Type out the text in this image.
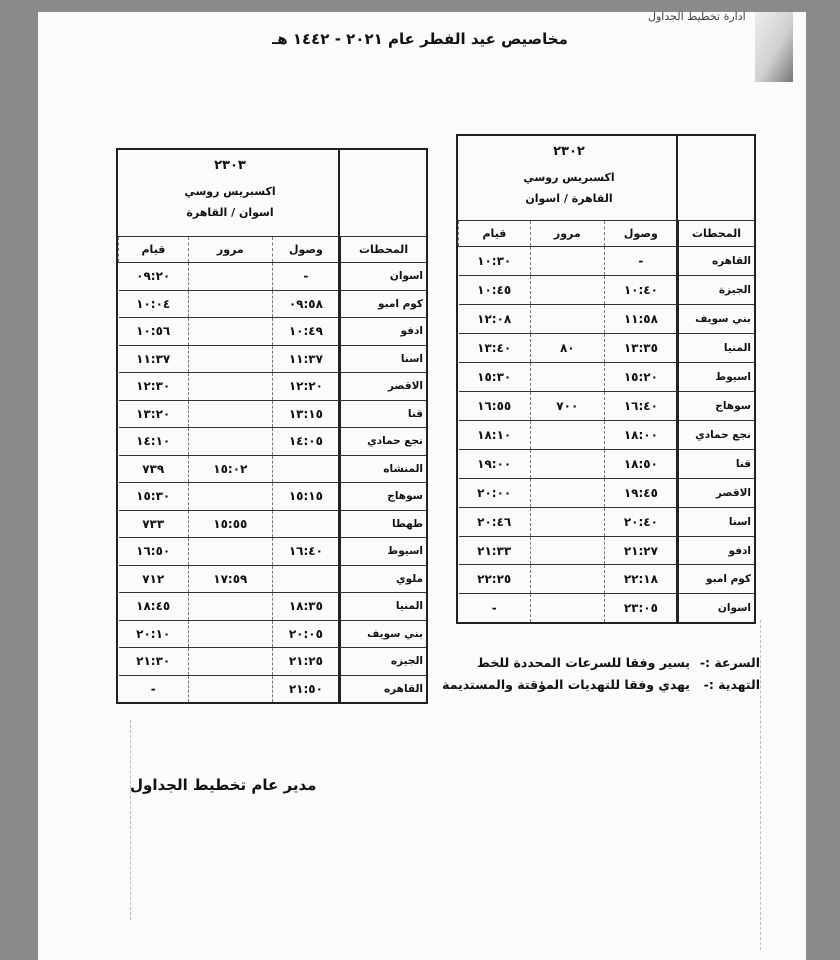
ادارة تخطيط الجداول
مخاصيص عيد الفطر عام ٢٠٢١ - ١٤٤٢ هـ
٢٣٠٢
اكسبريس روسي
القاهرة / اسوان
المحطات	وصول	مرور	قيام
القاهره	-		١٠:٣٠
الجيزة	١٠:٤٠		١٠:٤٥
بني سويف	١١:٥٨		١٢:٠٨
المنيا	١٣:٣٥	٨٠	١٣:٤٠
اسيوط	١٥:٢٠		١٥:٣٠
سوهاج	١٦:٤٠	٧٠٠	١٦:٥٥
نجع حمادي	١٨:٠٠		١٨:١٠
قنا	١٨:٥٠		١٩:٠٠
الاقصر	١٩:٤٥		٢٠:٠٠
اسنا	٢٠:٤٠		٢٠:٤٦
ادفو	٢١:٢٧		٢١:٣٣
كوم امبو	٢٢:١٨		٢٢:٢٥
اسوان	٢٣:٠٥		-
٢٣٠٣
اكسبريس روسي
اسوان / القاهرة
المحطات	وصول	مرور	قيام
اسوان	-		٠٩:٢٠
كوم امبو	٠٩:٥٨		١٠:٠٤
ادفو	١٠:٤٩		١٠:٥٦
اسنا	١١:٣٧		١١:٣٧
الاقصر	١٢:٢٠		١٢:٣٠
قنا	١٣:١٥		١٣:٢٠
نجع حمادي	١٤:٠٥		١٤:١٠
المنشاه		١٥:٠٢	٧٣٩
سوهاج	١٥:١٥		١٥:٣٠
طهطا		١٥:٥٥	٧٣٣
اسيوط	١٦:٤٠		١٦:٥٠
ملوي		١٧:٥٩	٧١٢
المنيا	١٨:٣٥		١٨:٤٥
بني سويف	٢٠:٠٥		٢٠:١٠
الجيزه	٢١:٢٥		٢١:٣٠
القاهره	٢١:٥٠		-
السرعة :-يسير وفقا للسرعات المحددة للخط
التهدية :-يهدي وفقا للتهديات المؤقتة والمستديمة
مدير عام تخطيط الجداول
